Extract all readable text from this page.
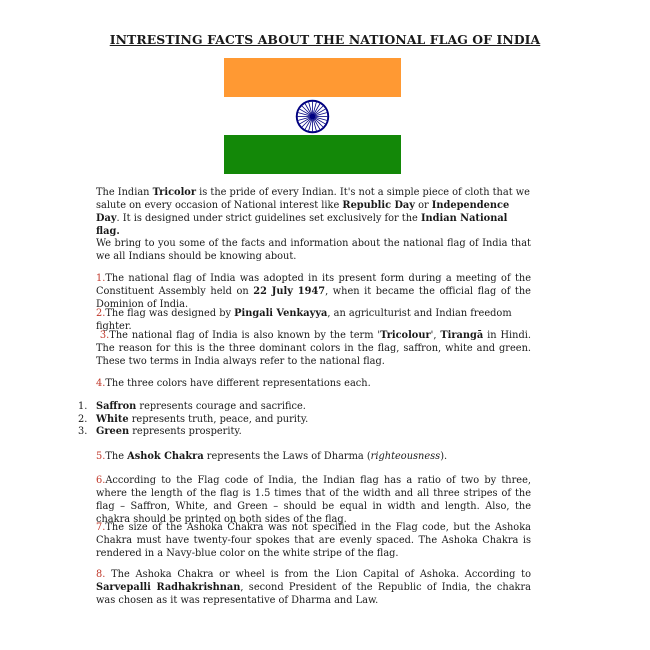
INTRESTING FACTS ABOUT THE NATIONAL FLAG OF INDIA

The Indian Tricolor is the pride of every Indian. It's not a simple piece of cloth that we salute on every occasion of National interest like Republic Day or Independence Day. It is designed under strict guidelines set exclusively for the Indian National flag.

We bring to you some of the facts and information about the national flag of India that we all Indians should be knowing about.

1.The national flag of India was adopted in its present form during a meeting of the Constituent Assembly held on 22 July 1947, when it became the official flag of the Dominion of India.

2.The flag was designed by Pingali Venkayya, an agriculturist and Indian freedom fighter.

3.The national flag of India is also known by the term 'Tricolour', Tirangā in Hindi. The reason for this is the three dominant colors in the flag, saffron, white and green. These two terms in India always refer to the national flag.

4.The three colors have different representations each.

1. Saffron represents courage and sacrifice.
2. White represents truth, peace, and purity.
3. Green represents prosperity.

5.The Ashok Chakra represents the Laws of Dharma (righteousness).

6.According to the Flag code of India, the Indian flag has a ratio of two by three, where the length of the flag is 1.5 times that of the width and all three stripes of the flag – Saffron, White, and Green – should be equal in width and length. Also, the chakra should be printed on both sides of the flag.

7.The size of the Ashoka Chakra was not specified in the Flag code, but the Ashoka Chakra must have twenty-four spokes that are evenly spaced. The Ashoka Chakra is rendered in a Navy-blue color on the white stripe of the flag.

8. The Ashoka Chakra or wheel is from the Lion Capital of Ashoka. According to Sarvepalli Radhakrishnan, second President of the Republic of India, the chakra was chosen as it was representative of Dharma and Law.
